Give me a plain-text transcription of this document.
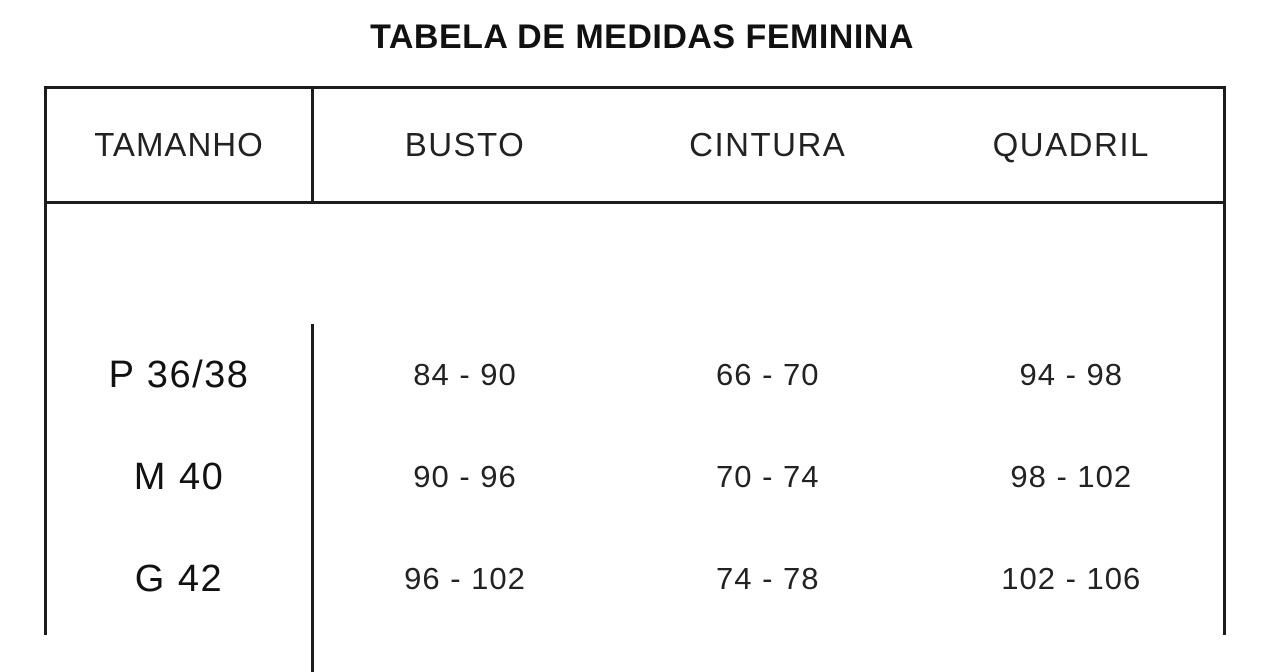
TABELA DE MEDIDAS FEMININA
TAMANHO	BUSTO	CINTURA	QUADRIL

P 36/38	84 - 90	66 - 70	94 - 98
M 40	90 - 96	70 - 74	98 - 102
G 42	96 - 102	74 - 78	102 - 106
